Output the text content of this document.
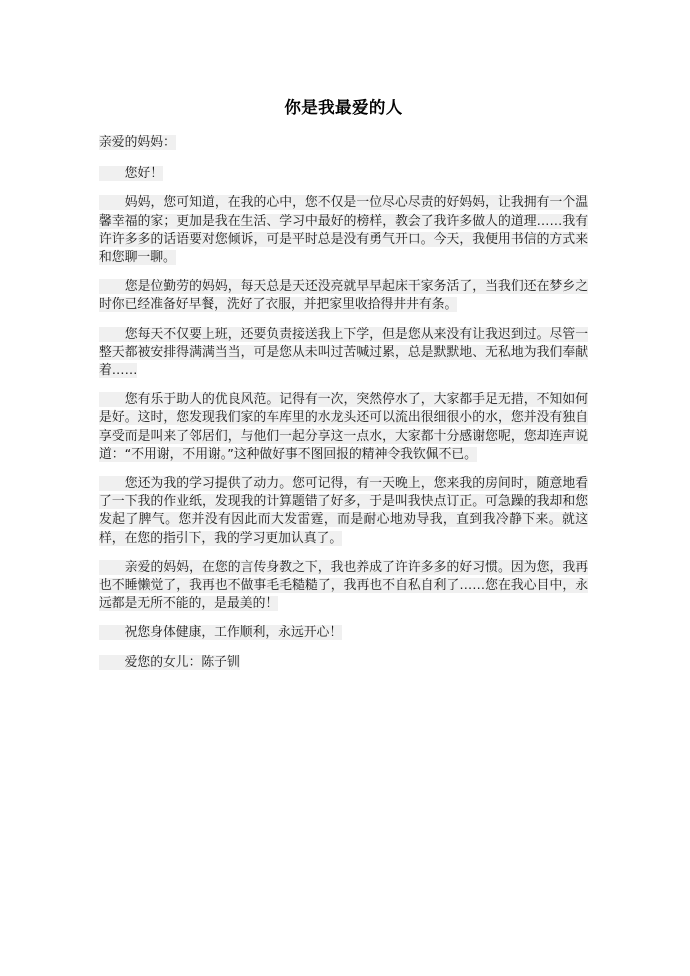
你是我最爱的人

亲爱的妈妈：

您好！

妈妈，您可知道，在我的心中，您不仅是一位尽心尽责的好妈妈，让我拥有一个温馨幸福的家；更加是我在生活、学习中最好的榜样，教会了我许多做人的道理……我有许许多多的话语要对您倾诉，可是平时总是没有勇气开口。今天，我便用书信的方式来和您聊一聊。

您是位勤劳的妈妈，每天总是天还没亮就早早起床干家务活了，当我们还在梦乡之时你已经准备好早餐，洗好了衣服，并把家里收拾得井井有条。

您每天不仅要上班，还要负责接送我上下学，但是您从来没有让我迟到过。尽管一整天都被安排得满满当当，可是您从未叫过苦喊过累，总是默默地、无私地为我们奉献着……

您有乐于助人的优良风范。记得有一次，突然停水了，大家都手足无措，不知如何是好。这时，您发现我们家的车库里的水龙头还可以流出很细很小的水，您并没有独自享受而是叫来了邻居们，与他们一起分享这一点水，大家都十分感谢您呢，您却连声说道：“不用谢，不用谢。”这种做好事不图回报的精神令我钦佩不已。

您还为我的学习提供了动力。您可记得，有一天晚上，您来我的房间时，随意地看了一下我的作业纸，发现我的计算题错了好多，于是叫我快点订正。可急躁的我却和您发起了脾气。您并没有因此而大发雷霆，而是耐心地劝导我，直到我冷静下来。就这样，在您的指引下，我的学习更加认真了。

亲爱的妈妈，在您的言传身教之下，我也养成了许许多多的好习惯。因为您，我再也不睡懒觉了，我再也不做事毛毛糙糙了，我再也不自私自利了……您在我心目中，永远都是无所不能的，是最美的！

祝您身体健康，工作顺利，永远开心！

爱您的女儿：陈子钏
